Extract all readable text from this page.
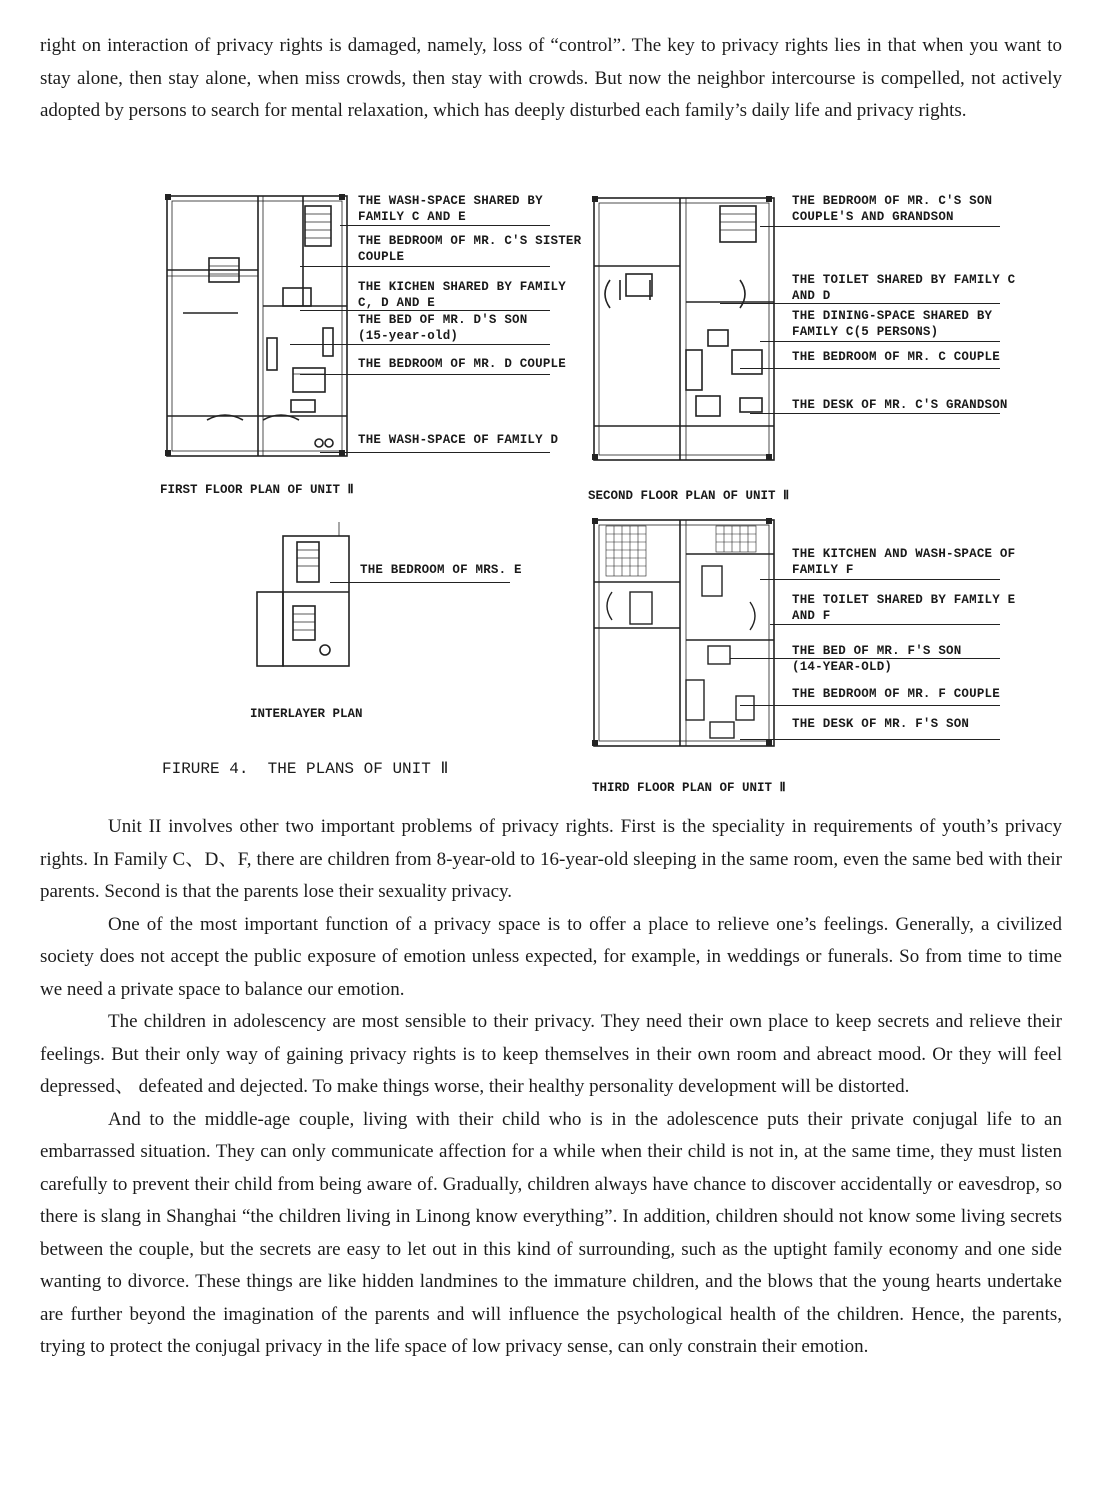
right on interaction of privacy rights is damaged, namely, loss of “control”. The key to privacy rights lies in that when you want to stay alone, then stay alone, when miss crowds, then stay with crowds. But now the neighbor intercourse is compelled, not actively adopted by persons to search for mental relaxation, which has deeply disturbed each family’s daily life and privacy rights.

FIRST FLOOR PLAN OF UNIT Ⅱ
THE WASH-SPACE SHARED BY
FAMILY C AND E
THE BEDROOM OF MR. C'S SISTER
COUPLE
THE KICHEN SHARED BY FAMILY
C, D AND E
THE BED OF MR. D'S SON
(15-year-old)
THE BEDROOM OF MR. D COUPLE
THE WASH-SPACE OF FAMILY D
SECOND FLOOR PLAN OF UNIT Ⅱ
THE BEDROOM OF MR. C'S SON
COUPLE'S AND GRANDSON
THE TOILET SHARED BY FAMILY C
AND D
THE DINING-SPACE SHARED BY
FAMILY C(5 PERSONS)
THE BEDROOM OF MR. C COUPLE
THE DESK OF MR. C'S GRANDSON
INTERLAYER PLAN
THE BEDROOM OF MRS. E
THIRD FLOOR PLAN OF UNIT Ⅱ
THE KITCHEN AND WASH-SPACE OF
FAMILY F
THE TOILET SHARED BY FAMILY E
AND F
THE BED OF MR. F'S SON
(14-YEAR-OLD)
THE BEDROOM OF MR. F COUPLE
THE DESK OF MR. F'S SON
FIRURE 4.  THE PLANS OF UNIT Ⅱ

Unit II involves other two important problems of privacy rights. First is the speciality in requirements of youth’s privacy rights. In Family C、D、F, there are children from 8-year-old to 16-year-old sleeping in the same room, even the same bed with their parents. Second is that the parents lose their sexuality privacy.

One of the most important function of a privacy space is to offer a place to relieve one’s feelings. Generally, a civilized society does not accept the public exposure of emotion unless expected, for example, in weddings or funerals. So from time to time we need a private space to balance our emotion.

The children in adolescency are most sensible to their privacy. They need their own place to keep secrets and relieve their feelings. But their only way of gaining privacy rights is to keep themselves in their own room and abreact mood. Or they will feel depressed、 defeated and dejected. To make things worse, their healthy personality development will be distorted.

And to the middle-age couple, living with their child who is in the adolescence puts their private conjugal life to an embarrassed situation. They can only communicate affection for a while when their child is not in, at the same time, they must listen carefully to prevent their child from being aware of. Gradually, children always have chance to discover accidentally or eavesdrop, so there is slang in Shanghai “the children living in Linong know everything”. In addition, children should not know some living secrets between the couple, but the secrets are easy to let out in this kind of surrounding, such as the uptight family economy and one side wanting to divorce. These things are like hidden landmines to the immature children, and the blows that the young hearts undertake are further beyond the imagination of the parents and will influence the psychological health of the children. Hence, the parents, trying to protect the conjugal privacy in the life space of low privacy sense, can only constrain their emotion.
